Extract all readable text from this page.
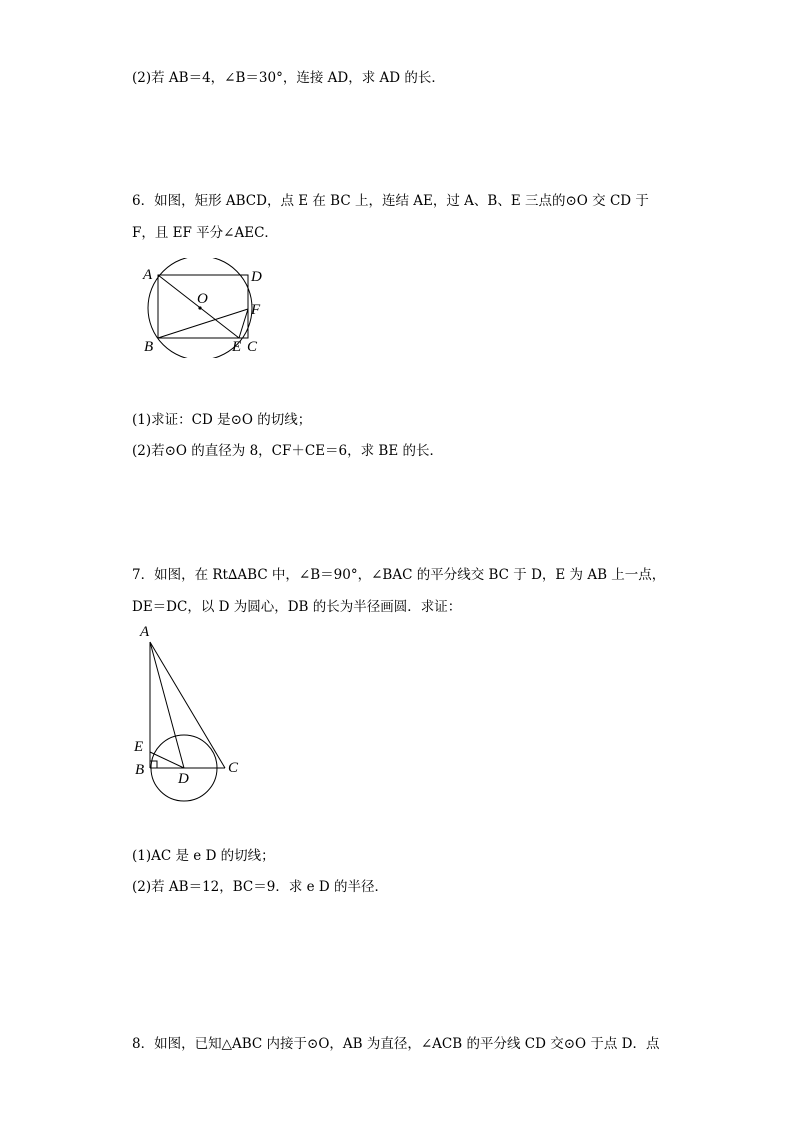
(2)若 AB＝4，∠B＝30°，连接 AD，求 AD 的长．
6．如图，矩形 ABCD，点 E 在 BC 上，连结 AE，过 A、B、E 三点的⊙O 交 CD 于
F，且 EF 平分∠AEC．
A	D
O
F
B	E C
(1)求证：CD 是⊙O 的切线；
(2)若⊙O 的直径为 8，CF＋CE＝6，求 BE 的长．
7．如图，在 Rt∆ABC 中，∠B＝90°，∠BAC 的平分线交 BC 于 D，E 为 AB 上一点，
DE＝DC，以 D 为圆心，DB 的长为半径画圆．求证：
A
E
B
D
C
(1)AC 是 e D 的切线；
(2)若 AB＝12，BC＝9．求 e D 的半径．
8．如图，已知△ABC 内接于⊙O，AB 为直径，∠ACB 的平分线 CD 交⊙O 于点 D．点
